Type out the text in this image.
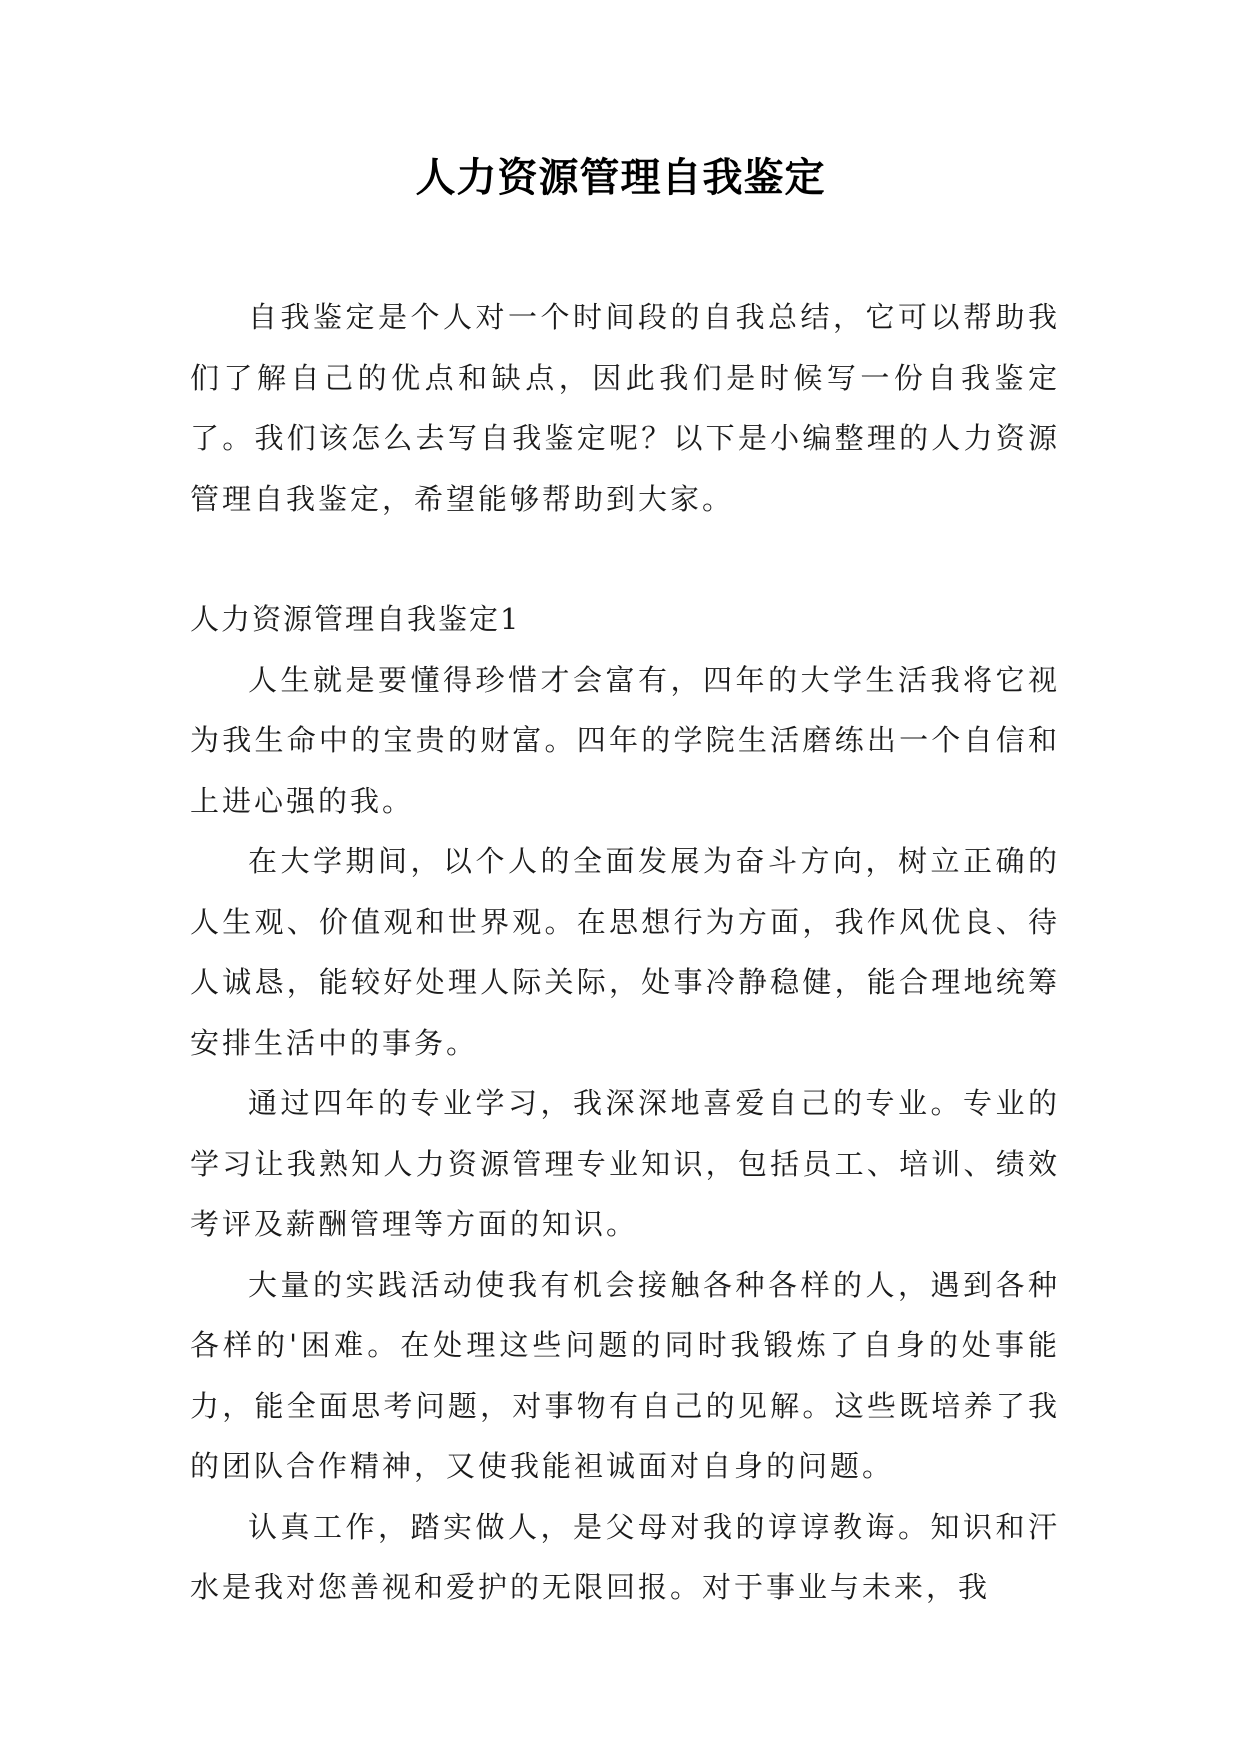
人力资源管理自我鉴定

自我鉴定是个人对一个时间段的自我总结，它可以帮助我们了解自己的优点和缺点，因此我们是时候写一份自我鉴定了。我们该怎么去写自我鉴定呢？以下是小编整理的人力资源管理自我鉴定，希望能够帮助到大家。

人力资源管理自我鉴定1

人生就是要懂得珍惜才会富有，四年的大学生活我将它视为我生命中的宝贵的财富。四年的学院生活磨练出一个自信和上进心强的我。

在大学期间，以个人的全面发展为奋斗方向，树立正确的人生观、价值观和世界观。在思想行为方面，我作风优良、待人诚恳，能较好处理人际关际，处事冷静稳健，能合理地统筹安排生活中的事务。

通过四年的专业学习，我深深地喜爱自己的专业。专业的学习让我熟知人力资源管理专业知识，包括员工、培训、绩效考评及薪酬管理等方面的知识。

大量的实践活动使我有机会接触各种各样的人，遇到各种各样的'困难。在处理这些问题的同时我锻炼了自身的处事能力，能全面思考问题，对事物有自己的见解。这些既培养了我的团队合作精神，又使我能袒诚面对自身的问题。

认真工作，踏实做人，是父母对我的谆谆教诲。知识和汗水是我对您善视和爱护的无限回报。对于事业与未来，我
